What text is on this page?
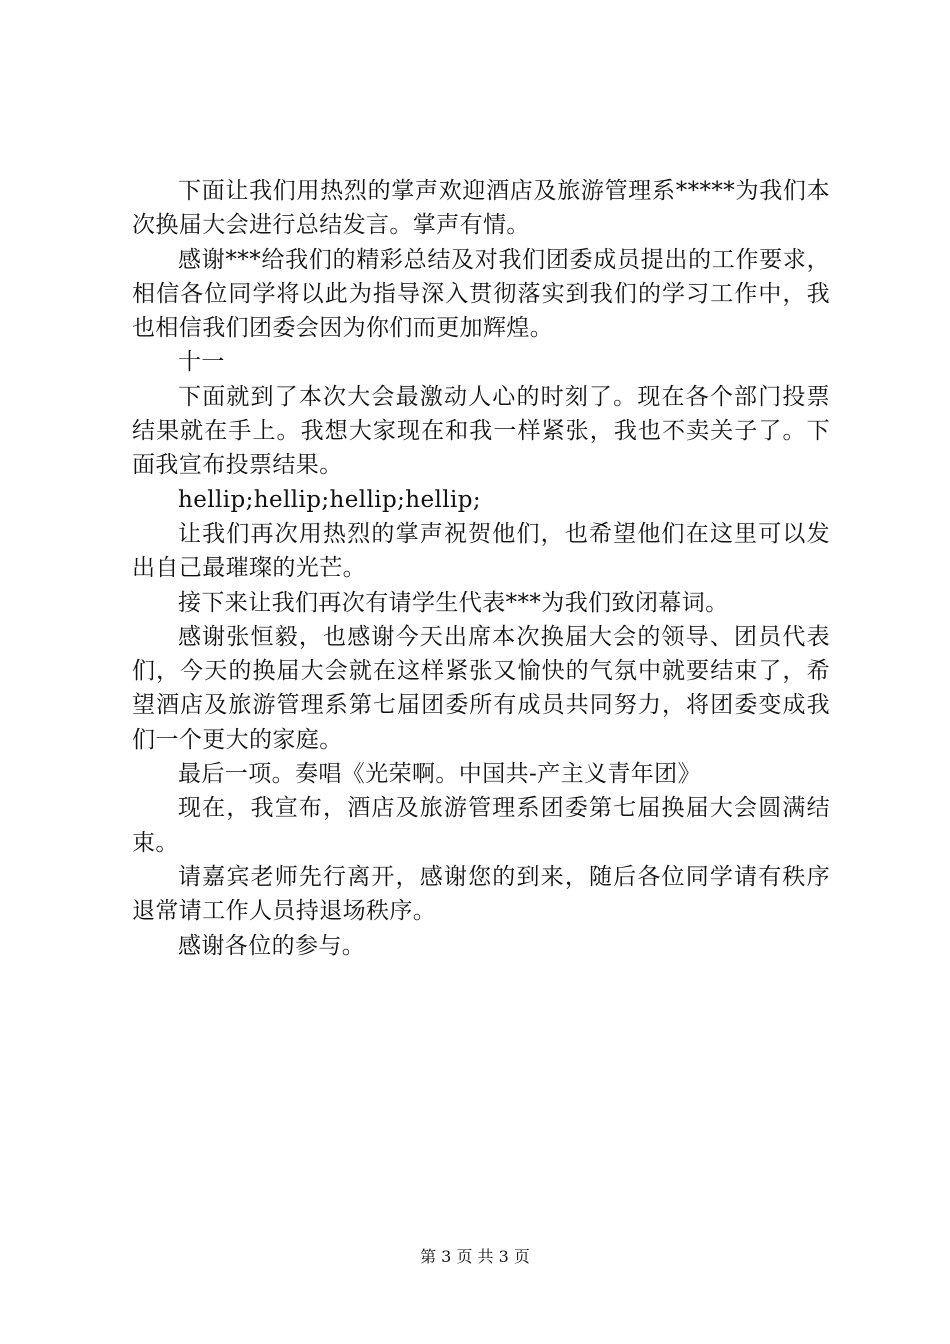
下面让我们用热烈的掌声欢迎酒店及旅游管理系*****为我们本次换届大会进行总结发言。掌声有情。

感谢***给我们的精彩总结及对我们团委成员提出的工作要求，相信各位同学将以此为指导深入贯彻落实到我们的学习工作中，我也相信我们团委会因为你们而更加辉煌。

十一

下面就到了本次大会最激动人心的时刻了。现在各个部门投票结果就在手上。我想大家现在和我一样紧张，我也不卖关子了。下面我宣布投票结果。

hellip;hellip;hellip;hellip;

让我们再次用热烈的掌声祝贺他们，也希望他们在这里可以发出自己最璀璨的光芒。

接下来让我们再次有请学生代表***为我们致闭幕词。

感谢张恒毅，也感谢今天出席本次换届大会的领导、团员代表们，今天的换届大会就在这样紧张又愉快的气氛中就要结束了，希望酒店及旅游管理系第七届团委所有成员共同努力，将团委变成我们一个更大的家庭。

最后一项。奏唱《光荣啊。中国共-产主义青年团》

现在，我宣布，酒店及旅游管理系团委第七届换届大会圆满结束。

请嘉宾老师先行离开，感谢您的到来，随后各位同学请有秩序退常请工作人员持退场秩序。

感谢各位的参与。

第 3 页 共 3 页
